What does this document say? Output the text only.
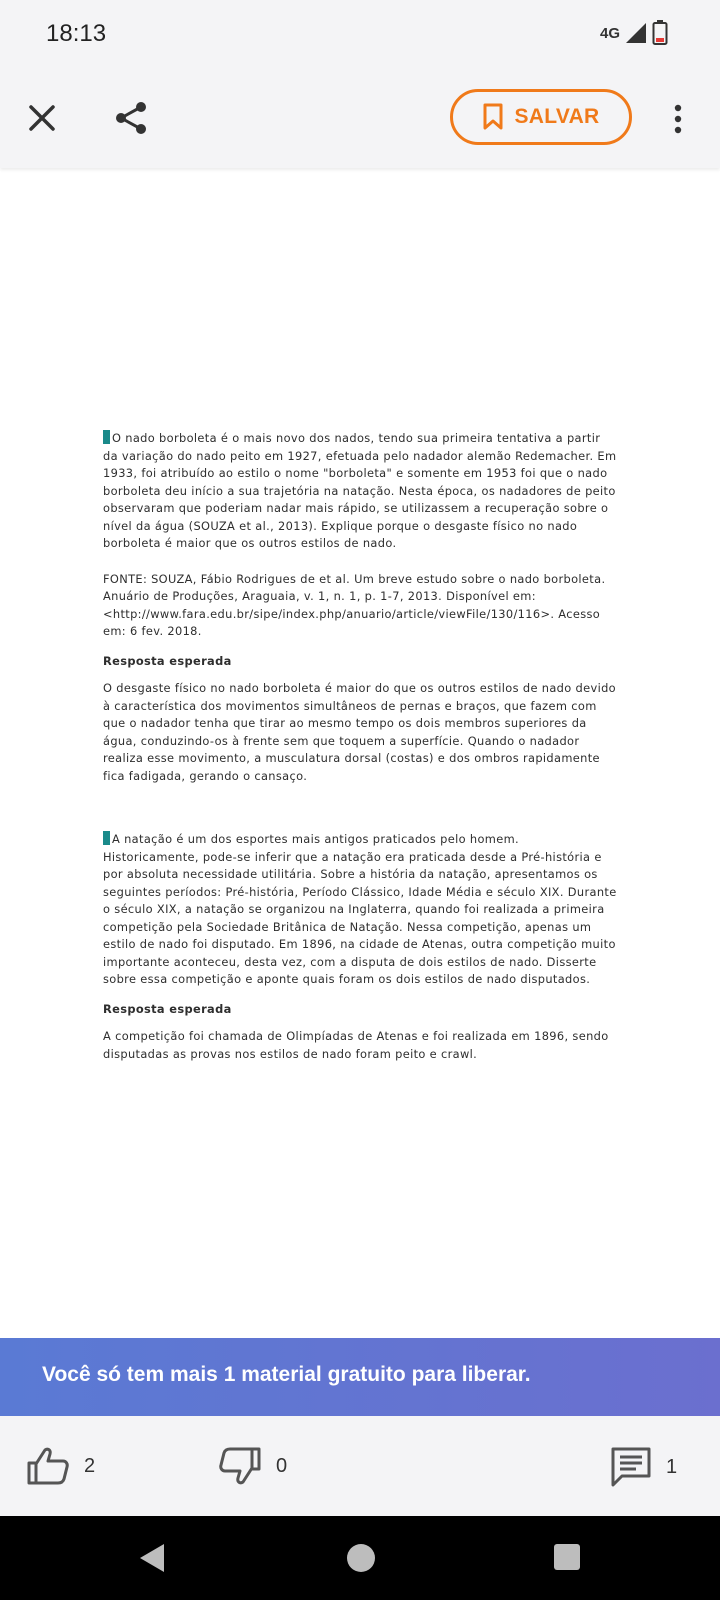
18:13	4G
SALVAR

O nado borboleta é o mais novo dos nados, tendo sua primeira tentativa a partir da variação do nado peito em 1927, efetuada pelo nadador alemão Redemacher. Em 1933, foi atribuído ao estilo o nome "borboleta" e somente em 1953 foi que o nado borboleta deu início a sua trajetória na natação. Nesta época, os nadadores de peito observaram que poderiam nadar mais rápido, se utilizassem a recuperação sobre o nível da água (SOUZA et al., 2013). Explique porque o desgaste físico no nado borboleta é maior que os outros estilos de nado.

FONTE: SOUZA, Fábio Rodrigues de et al. Um breve estudo sobre o nado borboleta. Anuário de Produções, Araguaia, v. 1, n. 1, p. 1-7, 2013. Disponível em: <http://www.fara.edu.br/sipe/index.php/anuario/article/viewFile/130/116>. Acesso em: 6 fev. 2018.

Resposta esperada

O desgaste físico no nado borboleta é maior do que os outros estilos de nado devido à característica dos movimentos simultâneos de pernas e braços, que fazem com que o nadador tenha que tirar ao mesmo tempo os dois membros superiores da água, conduzindo-os à frente sem que toquem a superfície. Quando o nadador realiza esse movimento, a musculatura dorsal (costas) e dos ombros rapidamente fica fadigada, gerando o cansaço.

A natação é um dos esportes mais antigos praticados pelo homem. Historicamente, pode-se inferir que a natação era praticada desde a Pré-história e por absoluta necessidade utilitária. Sobre a história da natação, apresentamos os seguintes períodos: Pré-história, Período Clássico, Idade Média e século XIX. Durante o século XIX, a natação se organizou na Inglaterra, quando foi realizada a primeira competição pela Sociedade Britânica de Natação. Nessa competição, apenas um estilo de nado foi disputado. Em 1896, na cidade de Atenas, outra competição muito importante aconteceu, desta vez, com a disputa de dois estilos de nado. Disserte sobre essa competição e aponte quais foram os dois estilos de nado disputados.

Resposta esperada

A competição foi chamada de Olimpíadas de Atenas e foi realizada em 1896, sendo disputadas as provas nos estilos de nado foram peito e crawl.

Você só tem mais 1 material gratuito para liberar.
2	0	1
